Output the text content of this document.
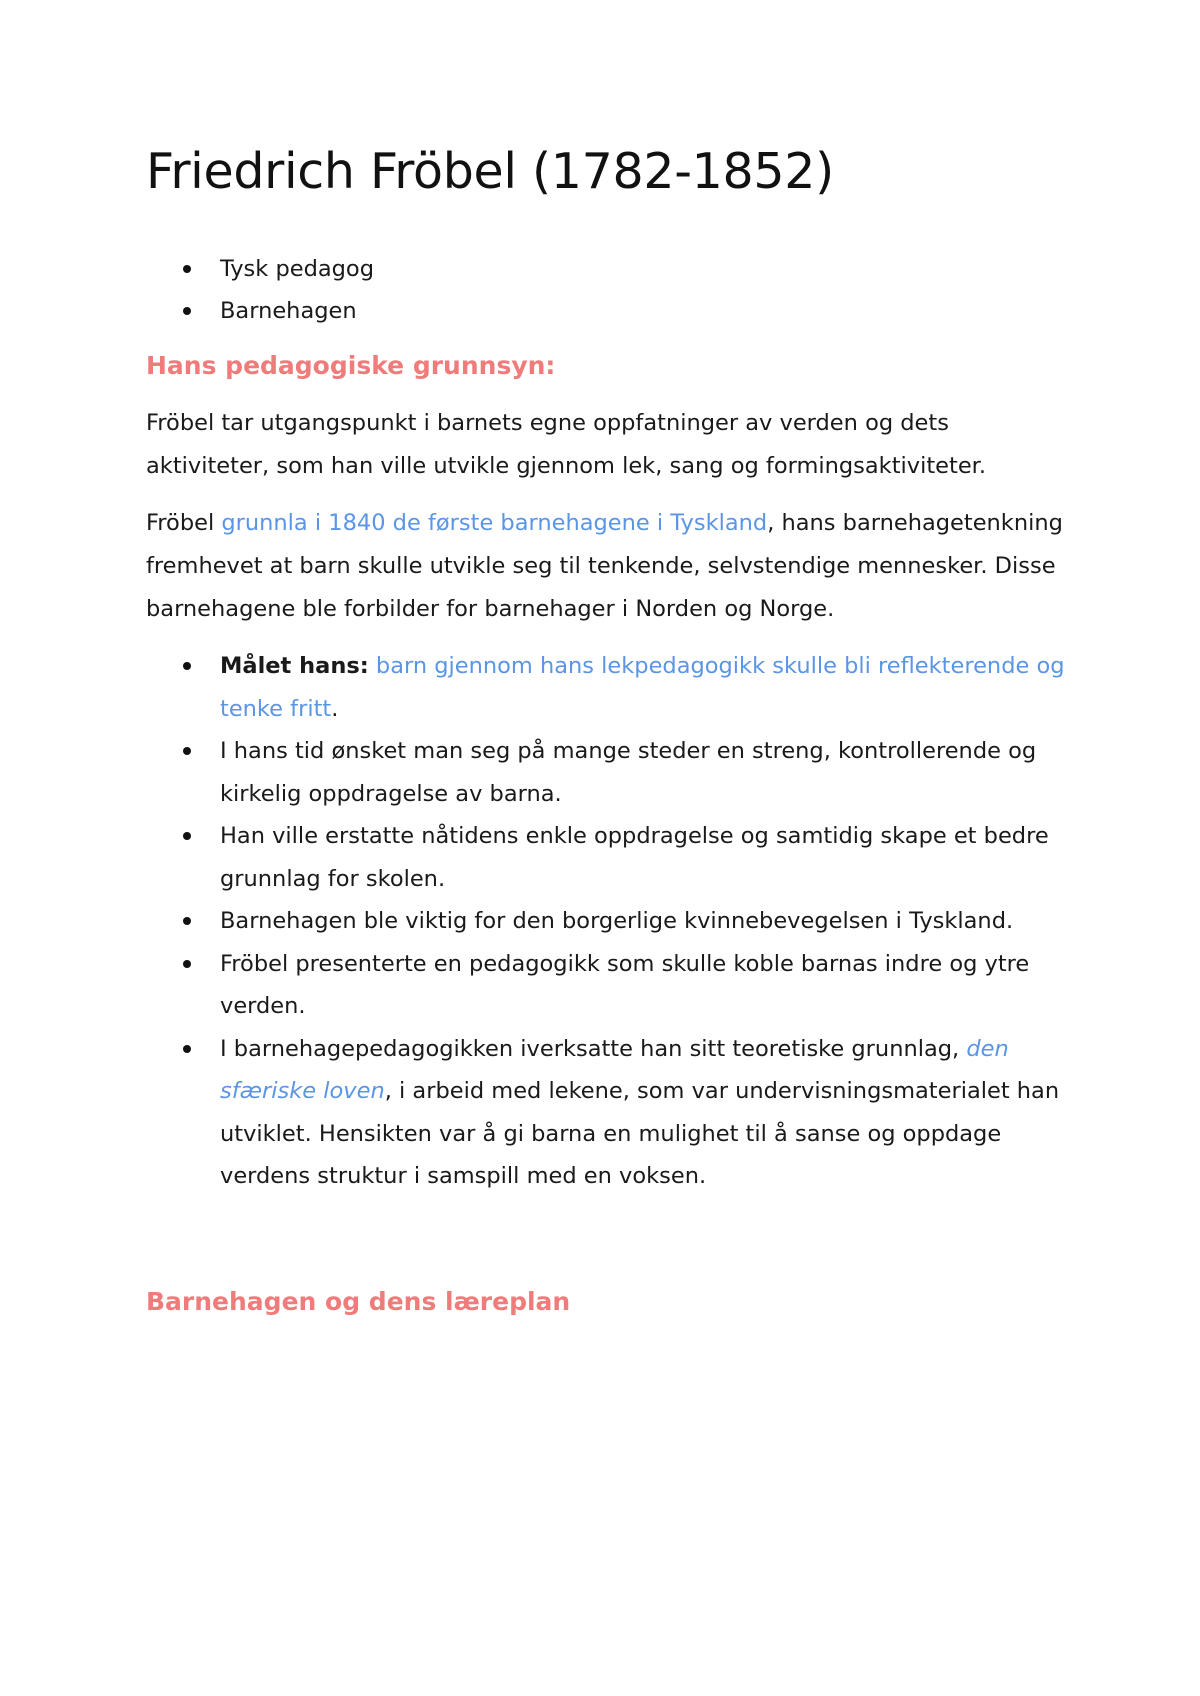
Friedrich Fröbel (1782-1852)
Tysk pedagog
Barnehagen
Hans pedagogiske grunnsyn:

Fröbel tar utgangspunkt i barnets egne oppfatninger av verden og dets aktiviteter, som han ville utvikle gjennom lek, sang og formingsaktiviteter.

Fröbel grunnla i 1840 de første barnehagene i Tyskland, hans barnehagetenkning fremhevet at barn skulle utvikle seg til tenkende, selvstendige mennesker. Disse barnehagene ble forbilder for barnehager i Norden og Norge.

Målet hans: barn gjennom hans lekpedagogikk skulle bli reflekterende og tenke fritt.
I hans tid ønsket man seg på mange steder en streng, kontrollerende og kirkelig oppdragelse av barna.
Han ville erstatte nåtidens enkle oppdragelse og samtidig skape et bedre grunnlag for skolen.
Barnehagen ble viktig for den borgerlige kvinnebevegelsen i Tyskland.
Fröbel presenterte en pedagogikk som skulle koble barnas indre og ytre verden.
I barnehagepedagogikken iverksatte han sitt teoretiske grunnlag, den sfæriske loven, i arbeid med lekene, som var undervisningsmaterialet han utviklet. Hensikten var å gi barna en mulighet til å sanse og oppdage verdens struktur i samspill med en voksen.
Barnehagen og dens læreplan
